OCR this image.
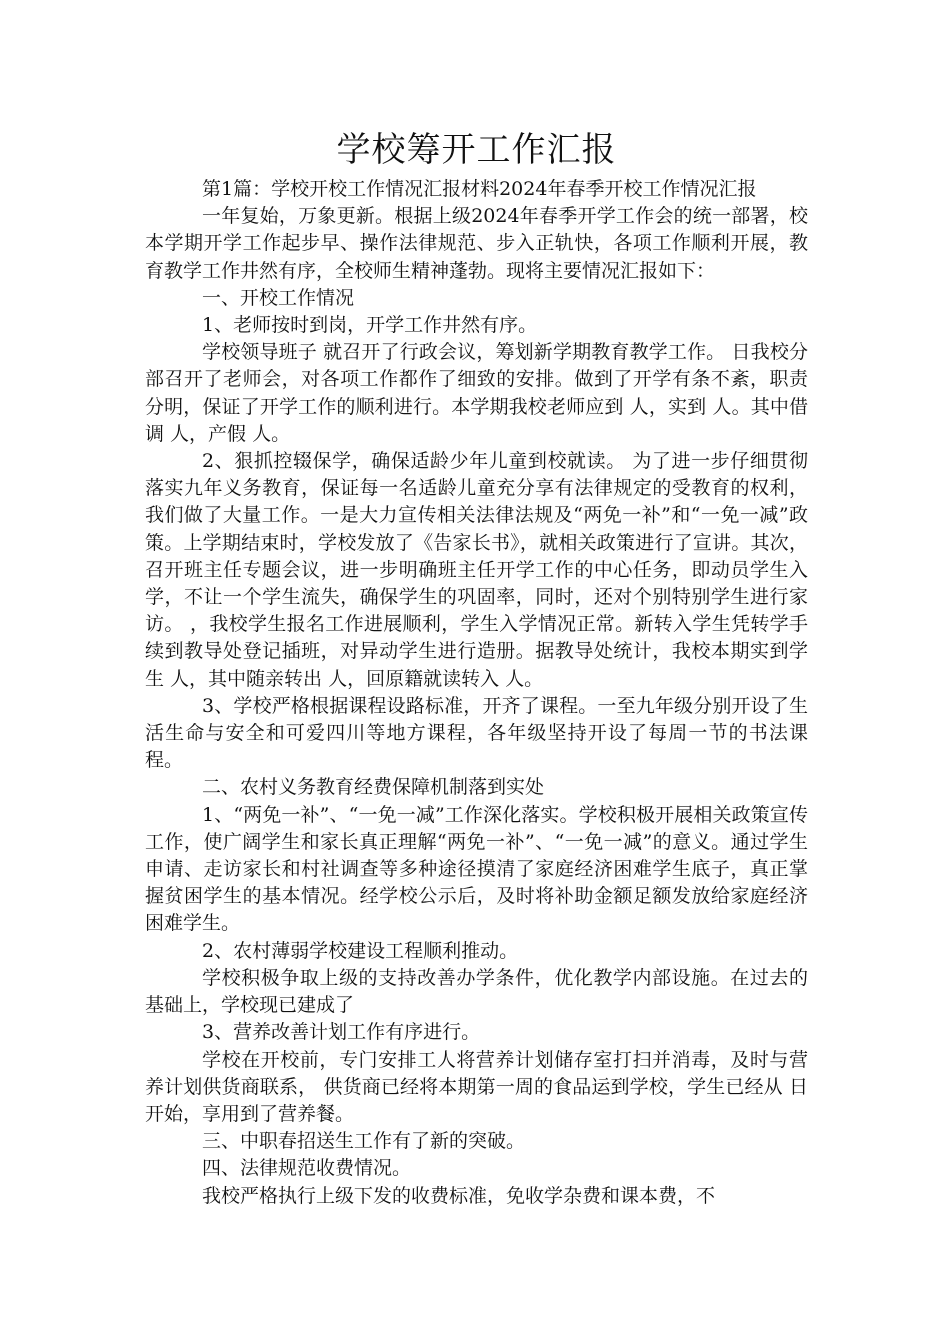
学校筹开工作汇报

第1篇：学校开校工作情况汇报材料2024年春季开校工作情况汇报

一年复始，万象更新。根据上级2024年春季开学工作会的统一部署，校本学期开学工作起步早、操作法律规范、步入正轨快，各项工作顺利开展，教育教学工作井然有序，全校师生精神蓬勃。现将主要情况汇报如下：

一、开校工作情况

1、老师按时到岗，开学工作井然有序。

学校领导班子 就召开了行政会议，筹划新学期教育教学工作。 日我校分部召开了老师会，对各项工作都作了细致的安排。做到了开学有条不紊，职责分明，保证了开学工作的顺利进行。本学期我校老师应到 人，实到 人。其中借调 人，产假 人。

2、狠抓控辍保学，确保适龄少年儿童到校就读。 为了进一步仔细贯彻落实九年义务教育，保证每一名适龄儿童充分享有法律规定的受教育的权利，我们做了大量工作。一是大力宣传相关法律法规及“两免一补”和“一免一减”政策。上学期结束时，学校发放了《告家长书》，就相关政策进行了宣讲。其次，召开班主任专题会议，进一步明确班主任开学工作的中心任务，即动员学生入学，不让一个学生流失，确保学生的巩固率，同时，还对个别特别学生进行家访。 ，我校学生报名工作进展顺利，学生入学情况正常。新转入学生凭转学手续到教导处登记插班，对异动学生进行造册。据教导处统计，我校本期实到学生 人，其中随亲转出 人，回原籍就读转入 人。

3、学校严格根据课程设路标准，开齐了课程。一至九年级分别开设了生活生命与安全和可爱四川等地方课程，各年级坚持开设了每周一节的书法课程。

二、农村义务教育经费保障机制落到实处

1、“两免一补”、“一免一减”工作深化落实。学校积极开展相关政策宣传工作，使广阔学生和家长真正理解“两免一补”、“一免一减”的意义。通过学生申请、走访家长和村社调查等多种途径摸清了家庭经济困难学生底子，真正掌握贫困学生的基本情况。经学校公示后，及时将补助金额足额发放给家庭经济困难学生。

2、农村薄弱学校建设工程顺利推动。

学校积极争取上级的支持改善办学条件，优化教学内部设施。在过去的基础上，学校现已建成了

3、营养改善计划工作有序进行。

学校在开校前，专门安排工人将营养计划储存室打扫并消毒，及时与营养计划供货商联系， 供货商已经将本期第一周的食品运到学校，学生已经从 日开始，享用到了营养餐。

三、中职春招送生工作有了新的突破。

四、法律规范收费情况。

我校严格执行上级下发的收费标准，免收学杂费和课本费，不
